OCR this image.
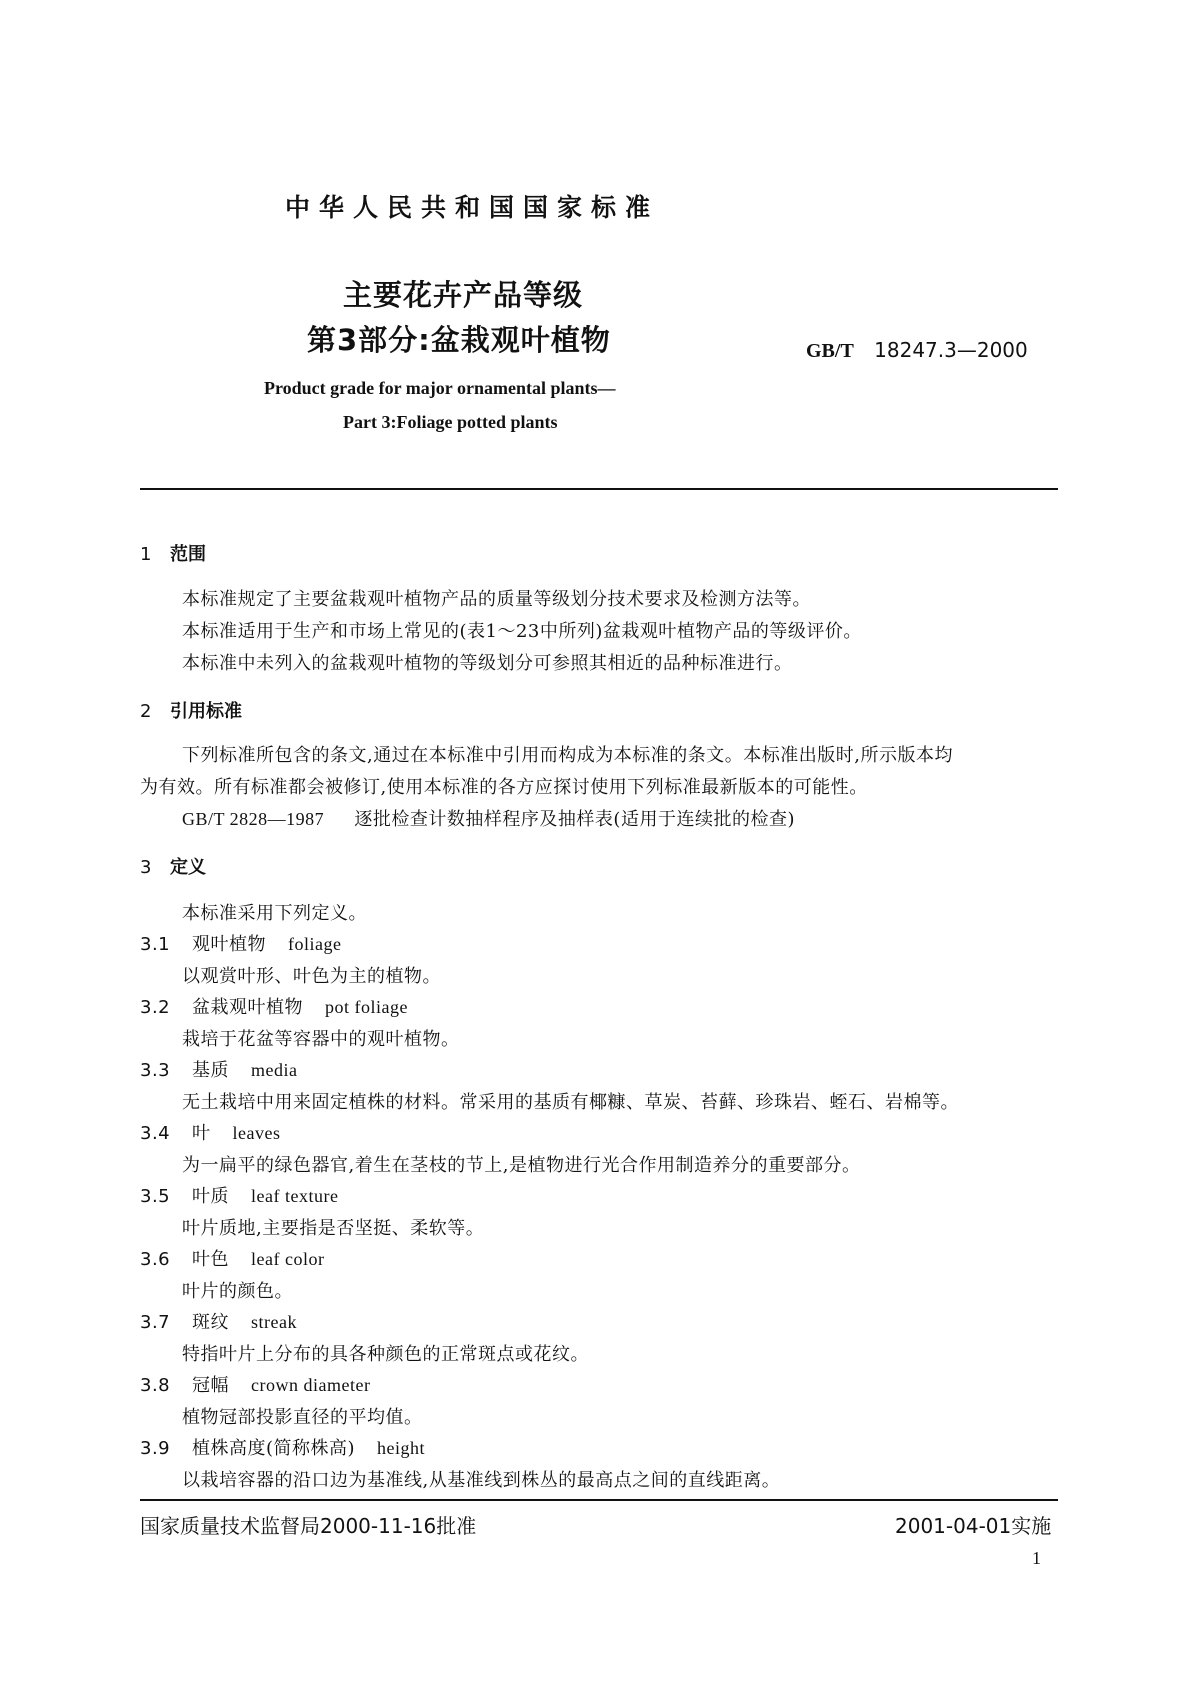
中华人民共和国国家标准
主要花卉产品等级
第3部分:盆栽观叶植物	GB/T 18247.3—2000
Product grade for major ornamental plants—
Part 3:Foliage potted plants
1 范围
本标准规定了主要盆栽观叶植物产品的质量等级划分技术要求及检测方法等。
本标准适用于生产和市场上常见的(表1～23中所列)盆栽观叶植物产品的等级评价。
本标准中未列入的盆栽观叶植物的等级划分可参照其相近的品种标准进行。
2 引用标准
下列标准所包含的条文,通过在本标准中引用而构成为本标准的条文。本标准出版时,所示版本均
为有效。所有标准都会被修订,使用本标准的各方应探讨使用下列标准最新版本的可能性。
GB/T 2828—1987 逐批检查计数抽样程序及抽样表(适用于连续批的检查)
3 定义
本标准采用下列定义。
3.1 观叶植物 foliage
以观赏叶形、叶色为主的植物。
3.2 盆栽观叶植物 pot foliage
栽培于花盆等容器中的观叶植物。
3.3 基质 media
无土栽培中用来固定植株的材料。常采用的基质有椰糠、草炭、苔藓、珍珠岩、蛭石、岩棉等。
3.4 叶 leaves
为一扁平的绿色器官,着生在茎枝的节上,是植物进行光合作用制造养分的重要部分。
3.5 叶质 leaf texture
叶片质地,主要指是否坚挺、柔软等。
3.6 叶色 leaf color
叶片的颜色。
3.7 斑纹 streak
特指叶片上分布的具各种颜色的正常斑点或花纹。
3.8 冠幅 crown diameter
植物冠部投影直径的平均值。
3.9 植株高度(简称株高) height
以栽培容器的沿口边为基准线,从基准线到株丛的最高点之间的直线距离。
国家质量技术监督局2000-11-16批准	2001-04-01实施
1
